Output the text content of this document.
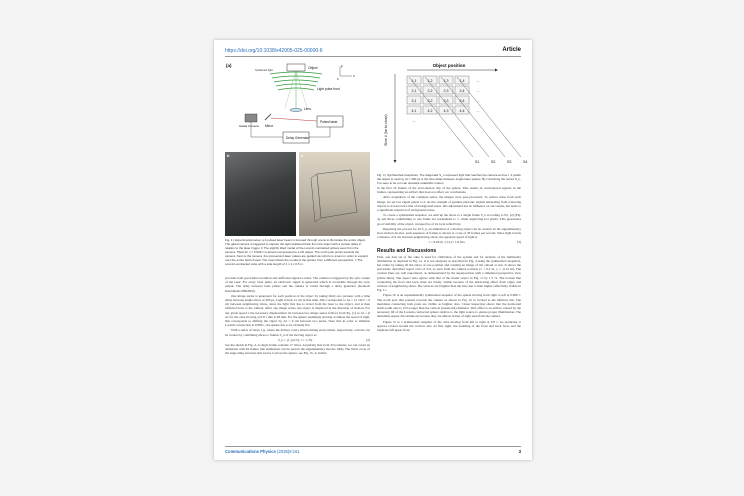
https://doi.org/10.1038/s42005-025-00000-6	Article
(a)	y
x
z
Object
Scattered light
Light pulse front
Lens
Mirror
Gated Camera
Pulsed laser
Delay Generator
b	c
Fig. 1 | Experimental setup. a A pulsed laser beam is focused through a lens to illuminate the entire object. The gated camera is triggered to capture the light scattered back from the object with a certain delay in relation to the laser trigger. b The slightly tilted model of the Lorentz-contracted sphere seen from the camera. Tilted for v = 0.999 c is almost compressed to a 2D object. The north pole points towards the camera. Next to the camera, the picosecond laser pulses are guided via mirrors to a lens in order to expand over the entire field of view. The inset shows the model of the sphere from a different perspective. c The Lorentz-contracted cube with a side length of 1 x 1 x 0.6 m.
Object position
Slice # (far to close)
1,1	1,2	1,3	1,4	...
2,1	2,2	2,3	2,4	...
3,1	3,2	3,3	3,4	...
4,1	4,2	4,3	4,4	...
...
S1	S2	S3	S4
Fig. 4 | Synthesized snapshots. The diagonals S_n represent light that reaches the camera at time t. It yields the object is moving. At = 400 ps is the time delay between single laser pulses. By combining the series S_n, it is seen to be run can visualize relativistic motion.

in the first 25 frames of the slow-motion clip of the sphere. This results in overexposed regions in the frames, representing an artifact that does not affect our conclusions.

After acquisition of the complete series, the images were post-processed. To reduce noise from each image, we set low signal pixels to 0. As the strength of genuine photonic signals emanating from scattering objects is at least twice that of background noise, this adjustment has no influence on our results, but leads to a significant reduction of background noise.

To create a synthesized snapshot, we sum up the slices to a single frame S_n according to Eq. (2) (Fig. 4). All slices contributing to one frame are normalized to 1, while neglecting hot pixels. This guarantees good visibility of the object, irrespective of its local reflectivity.

Repeating the process for all S_n, an animation of a moving object can be created. In the supplementary slow-motion movies, each sequence of frames is shown at a rate of 30 frames per second. Since light travels a distance of 6 cm between neighboring slices, the apparent speed of light is

c = 0.06 m / (1/s) ≈ 1.8 m/s.	(3)
Results and Discussions

First, one data set of the cube is used for calibration of the system and for analysis of the luminosity distribution as depicted in Fig. 1a. It is not analyzed as described in Fig. 4 using the synthesized snapshots, but rather by taking all the slices of one position and creating an image of the cuboid at rest. It shows the previously described aspect ratio of 0.6, as seen from the camera position (v = 0.2 m, y = -0.12 m). The contour lines are well reproduced, as demonstrated by the superposition with a simulated perspective view (white lines). The aspect ratio agrees with that of the model object in Fig. 1c by 1.5 %. The bottom line connecting the front and back sides are barely visible because of the shadowing effect from edges and vertices of neighboring slices. The vertices are brighter than the bars due to their higher reflectivity visible in Fig. 1c.

Figure 5b is an experimentally synthesized snapshot of the sphere moving from right to left at 0.999 c. The north pole that pointed towards the camera as shown in Fig. 1b is located at the leftmost rim. The meridians connecting both poles are visible as brighter dots. Closer inspection shows that the horizontal north-south axis is 15% longer than the vertical (equatorial) diameter. This effect is an artifact caused by the necessary tilt of the Lorentz-contracted sphere relative to the light source to ensure proper illumination. The meridians appear discontinuous because they are almost in line of sight seen from the camera.

Figure 5c is a synthesized snapshot of the cube moving from left to right at 0.8 c. As predicted, it appears rotated around the vertical axis. At first sight, the doubling of the front and back faces and the triplicate left upper front

provides both good time resolution and sufficient signal-to-noise. The camera is triggered by the sync output of the laser. For every laser pulse, an electronic signal is generated which is accessible through the sync output. The delay between laser pulses and the camera is varied through a delay generator (Kentech Instruments HDG800).

One image series is generated for each position of the object by taking thirty-two pictures with a time delay between single slices of 400 ps. Light travels 12 cm in that time. This corresponds to Δz = 12 cm/2 = 6 cm between neighboring slices, since the light first has to travel from the laser to the object, and is then reflected back to the camera. After one image series, the object is displaced in the direction of motion. For any given speed v the necessary displacement Δx between two image series follows from Eq. (1) as Δx = β Δz for the cube moving at 0.8 c this is 48 mm. For the sphere seemingly moving at almost the speed of light, this corresponds to shifting the object by Δx = 6 cm between two series. Note that in order to simulate Lorentz contraction at 0.999 c, the sphere has to be virtually flat.

With a series of slices f_ij, where the indices i and j denote timing and position, respectively, a movie can be created by combining slices to frames S_n of the moving object as

S_n = {f_(i,n+i), i = 1, N}.	(2)

See the sketch in Fig. 4. A single frame contains 17 slices. Acquiring data from 32 positions, we can create an animation with 49 frames (the animations can be seen in the supplementary movies 1&2). The black cover of the supporting structure that serves to move the sphere, see Fig. 1b, is visible

Communications Physics (2025)8:161	3
